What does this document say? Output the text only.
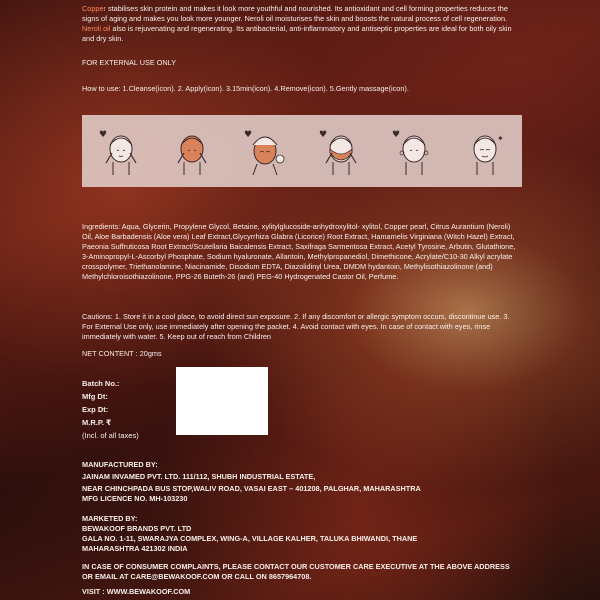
Copper stabilises skin protein and makes it look more youthful and nourished. Its antioxidant and cell forming properties reduces the signs of aging and makes you look more younger. Neroli oil moisturises the skin and boosts the natural process of cell regeneration. Neroli oil also is rejuvenating and regenerating. Its antibacterial, anti-inflammatory and antiseptic properties are ideal for both oily skin and dry skin.
FOR EXTERNAL USE ONLY
How to use: 1.Cleanse(icon). 2. Apply(icon). 3.15min(icon). 4.Remove(icon). 5.Gently massage(icon).
♥	♥	♥	♥	✦
Ingredients: Aqua, Glycerin, Propylene Glycol, Betaine, xylitylglucoside-anhydroxylitol- xylitol, Copper pearl, Citrus Aurantium (Neroli) Oil, Aloe Barbadensis (Aloe vera) Leaf Extract,Glycyrrhiza Glabra (Licorice) Root Extract, Hamamelis Virginiana (Witch Hazel) Extract, Paeonia Suffruticosa Root Extract/Scutellaria Baicalensis Extract, Saxifraga Sarmentosa Extract, Acetyl Tyrosine, Arbutin, Glutathione, 3-Aminopropyl-L-Ascorbyl Phosphate, Sodium hyaluronate, Allantoin, Methylpropanediol, Dimethicone, Acrylate/C10-30 Alkyl acrylate crosspolymer, Triethanolamine, Niacinamide, Disodium EDTA, Diazolidinyl Urea, DMDM hydantoin, Methylisothiazolinone (and) Methylchloroisothiazolinone, PPG-26 Buteth-26 (and) PEG-40 Hydrogenated Castor Oil, Perfume.
Cautions: 1. Store it in a cool place, to avoid direct sun exposure. 2. If any discomfort or allergic symptom occurs, discontinue use. 3. For External Use only, use immediately after opening the packet. 4. Avoid contact with eyes. In case of contact with eyes, rinse immediately with water. 5. Keep out of reach from Children
NET CONTENT : 20gms
Batch No.:
Mfg Dt:
Exp Dt:
M.R.P. ₹
(Incl. of all taxes)
MANUFACTURED BY:
JAINAM INVAMED PVT. LTD. 111/112, SHUBH INDUSTRIAL ESTATE,
NEAR CHINCHPADA BUS STOP,WALIV ROAD, VASAI EAST – 401208, PALGHAR, MAHARASHTRA
MFG LICENCE NO. MH-103230
MARKETED BY:
BEWAKOOF BRANDS PVT. LTD
GALA NO. 1-11, SWARAJYA COMPLEX, WING-A, VILLAGE KALHER, TALUKA BHIWANDI, THANE
MAHARASHTRA 421302 INDIA
IN CASE OF CONSUMER COMPLAINTS, PLEASE CONTACT OUR CUSTOMER CARE EXECUTIVE AT THE ABOVE ADDRESS OR EMAIL AT CARE@BEWAKOOF.COM OR CALL ON 8657964708.
VISIT : WWW.BEWAKOOF.COM
